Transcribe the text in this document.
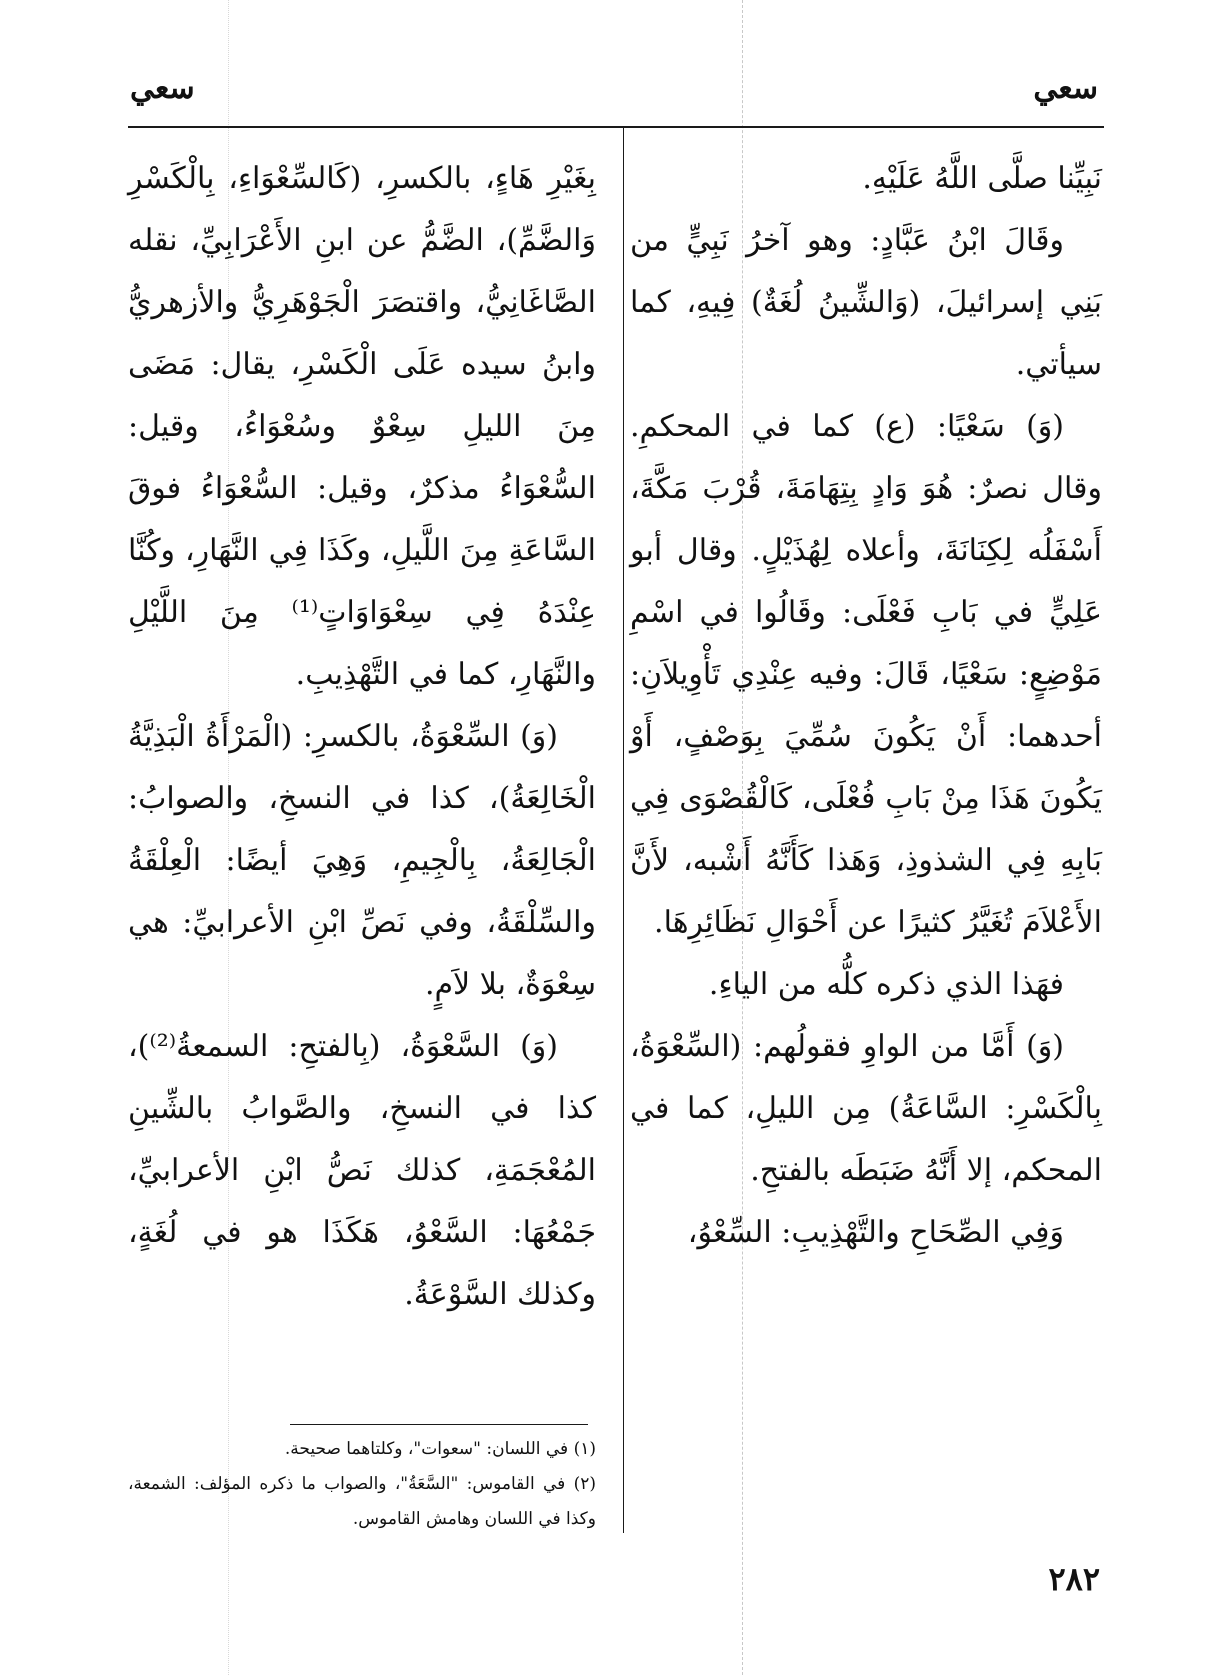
سعي
سعي

نَبِيِّنا صلَّى اللَّهُ عَلَيْهِ.

وقَالَ ابْنُ عَبَّادٍ: وهو آخرُ نَبِيٍّ من بَنِي إسرائيلَ، (وَالشِّينُ لُغَةٌ) فِيهِ، كما سيأتي.

(وَ) سَعْيًا: (ع) كما في المحكمِ. وقال نصرٌ: هُوَ وَادٍ بِتِهَامَةَ، قُرْبَ مَكَّةَ، أَسْفَلُه لِكِنَانَةَ، وأعلاه لِهُذَيْلٍ. وقال أبو عَلِيٍّ في بَابِ فَعْلَى: وقَالُوا في اسْمِ مَوْضِعٍ: سَعْيًا، قَالَ: وفيه عِنْدِي تَأْوِيلاَنِ: أحدهما: أَنْ يَكُونَ سُمِّيَ بِوَصْفٍ، أَوْ يَكُونَ هَذَا مِنْ بَابِ فُعْلَى، كَالْقُصْوَى فِي بَابِهِ فِي الشذوذِ، وَهَذا كَأَنَّهُ أَشْبه، لأَنَّ الأَعْلاَمَ تُغَيَّرُ كثيرًا عن أَحْوَالِ نَظَائِرِهَا.

فهَذا الذي ذكره كلُّه من الياءِ.

(وَ) أَمَّا من الواوِ فقولُهم: (السِّعْوَةُ، بِالْكَسْرِ: السَّاعَةُ) مِن الليلِ، كما في المحكم، إلا أَنَّهُ ضَبَطَه بالفتحِ.

وَفِي الصِّحَاحِ والتَّهْذِيبِ: السِّعْوُ،

بِغَيْرِ هَاءٍ، بالكسرِ، (كَالسِّعْوَاءِ، بِالْكَسْرِ وَالضَّمِّ)، الضَّمُّ عن ابنِ الأَعْرَابِيِّ، نقله الصَّاغَانِيُّ، واقتصَرَ الْجَوْهَرِيُّ والأزهريُّ وابنُ سيده عَلَى الْكَسْرِ، يقال: مَضَى مِنَ الليلِ سِعْوٌ وسُعْوَاءُ، وقيل: السُّعْوَاءُ مذكرٌ، وقيل: السُّعْوَاءُ فوقَ السَّاعَةِ مِنَ اللَّيلِ، وكَذَا فِي النَّهَارِ، وكُنَّا عِنْدَهُ فِي سِعْوَاوَاتٍ⁽¹⁾ مِنَ اللَّيْلِ والنَّهَارِ، كما في التَّهْذِيبِ.

(وَ) السِّعْوَةُ، بالكسرِ: (الْمَرْأَةُ الْبَذِيَّةُ الْخَالِعَةُ)، كذا في النسخِ، والصوابُ: الْجَالِعَةُ، بِالْجِيمِ، وَهِيَ أيضًا: الْعِلْقَةُ والسِّلْقَةُ، وفي نَصِّ ابْنِ الأعرابيِّ: هي سِعْوَةٌ، بلا لاَمٍ.

(وَ) السَّعْوَةُ، (بِالفتحِ: السمعةُ⁽²⁾)، كذا في النسخِ، والصَّوابُ بالشِّينِ المُعْجَمَةِ، كذلك نَصُّ ابْنِ الأعرابيِّ، جَمْعُهَا: السَّعْوُ، هَكَذَا هو في لُغَةٍ، وكذلك السَّوْعَةُ.

(١) في اللسان: "سعوات"، وكلتاهما صحيحة.

(٢) في القاموس: "السَّعَةُ"، والصواب ما ذكره المؤلف: الشمعة، وكذا في اللسان وهامش القاموس.

٢٨٢
